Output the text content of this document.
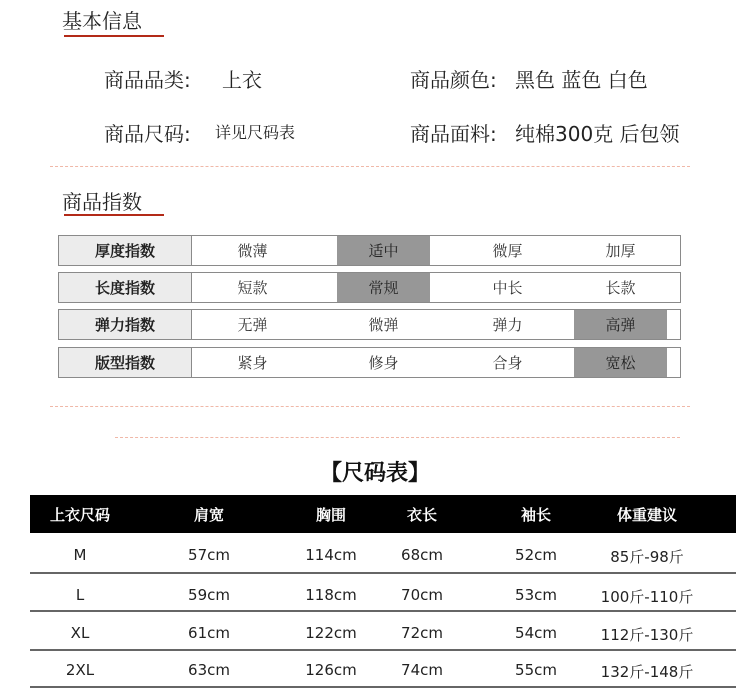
基本信息
商品品类: 上衣	商品颜色: 黑色 蓝色 白色
商品尺码: 详见尺码表	商品面料: 纯棉300克 后包领
商品指数
厚度指数	微薄	适中	微厚	加厚
长度指数	短款	常规	中长	长款
弹力指数	无弹	微弹	弹力	高弹
版型指数	紧身	修身	合身	宽松
【尺码表】
上衣尺码	肩宽	胸围	衣长	袖长	体重建议
M	57cm	114cm	68cm	52cm	85斤-98斤
L	59cm	118cm	70cm	53cm	100斤-110斤
XL	61cm	122cm	72cm	54cm	112斤-130斤
2XL	63cm	126cm	74cm	55cm	132斤-148斤
